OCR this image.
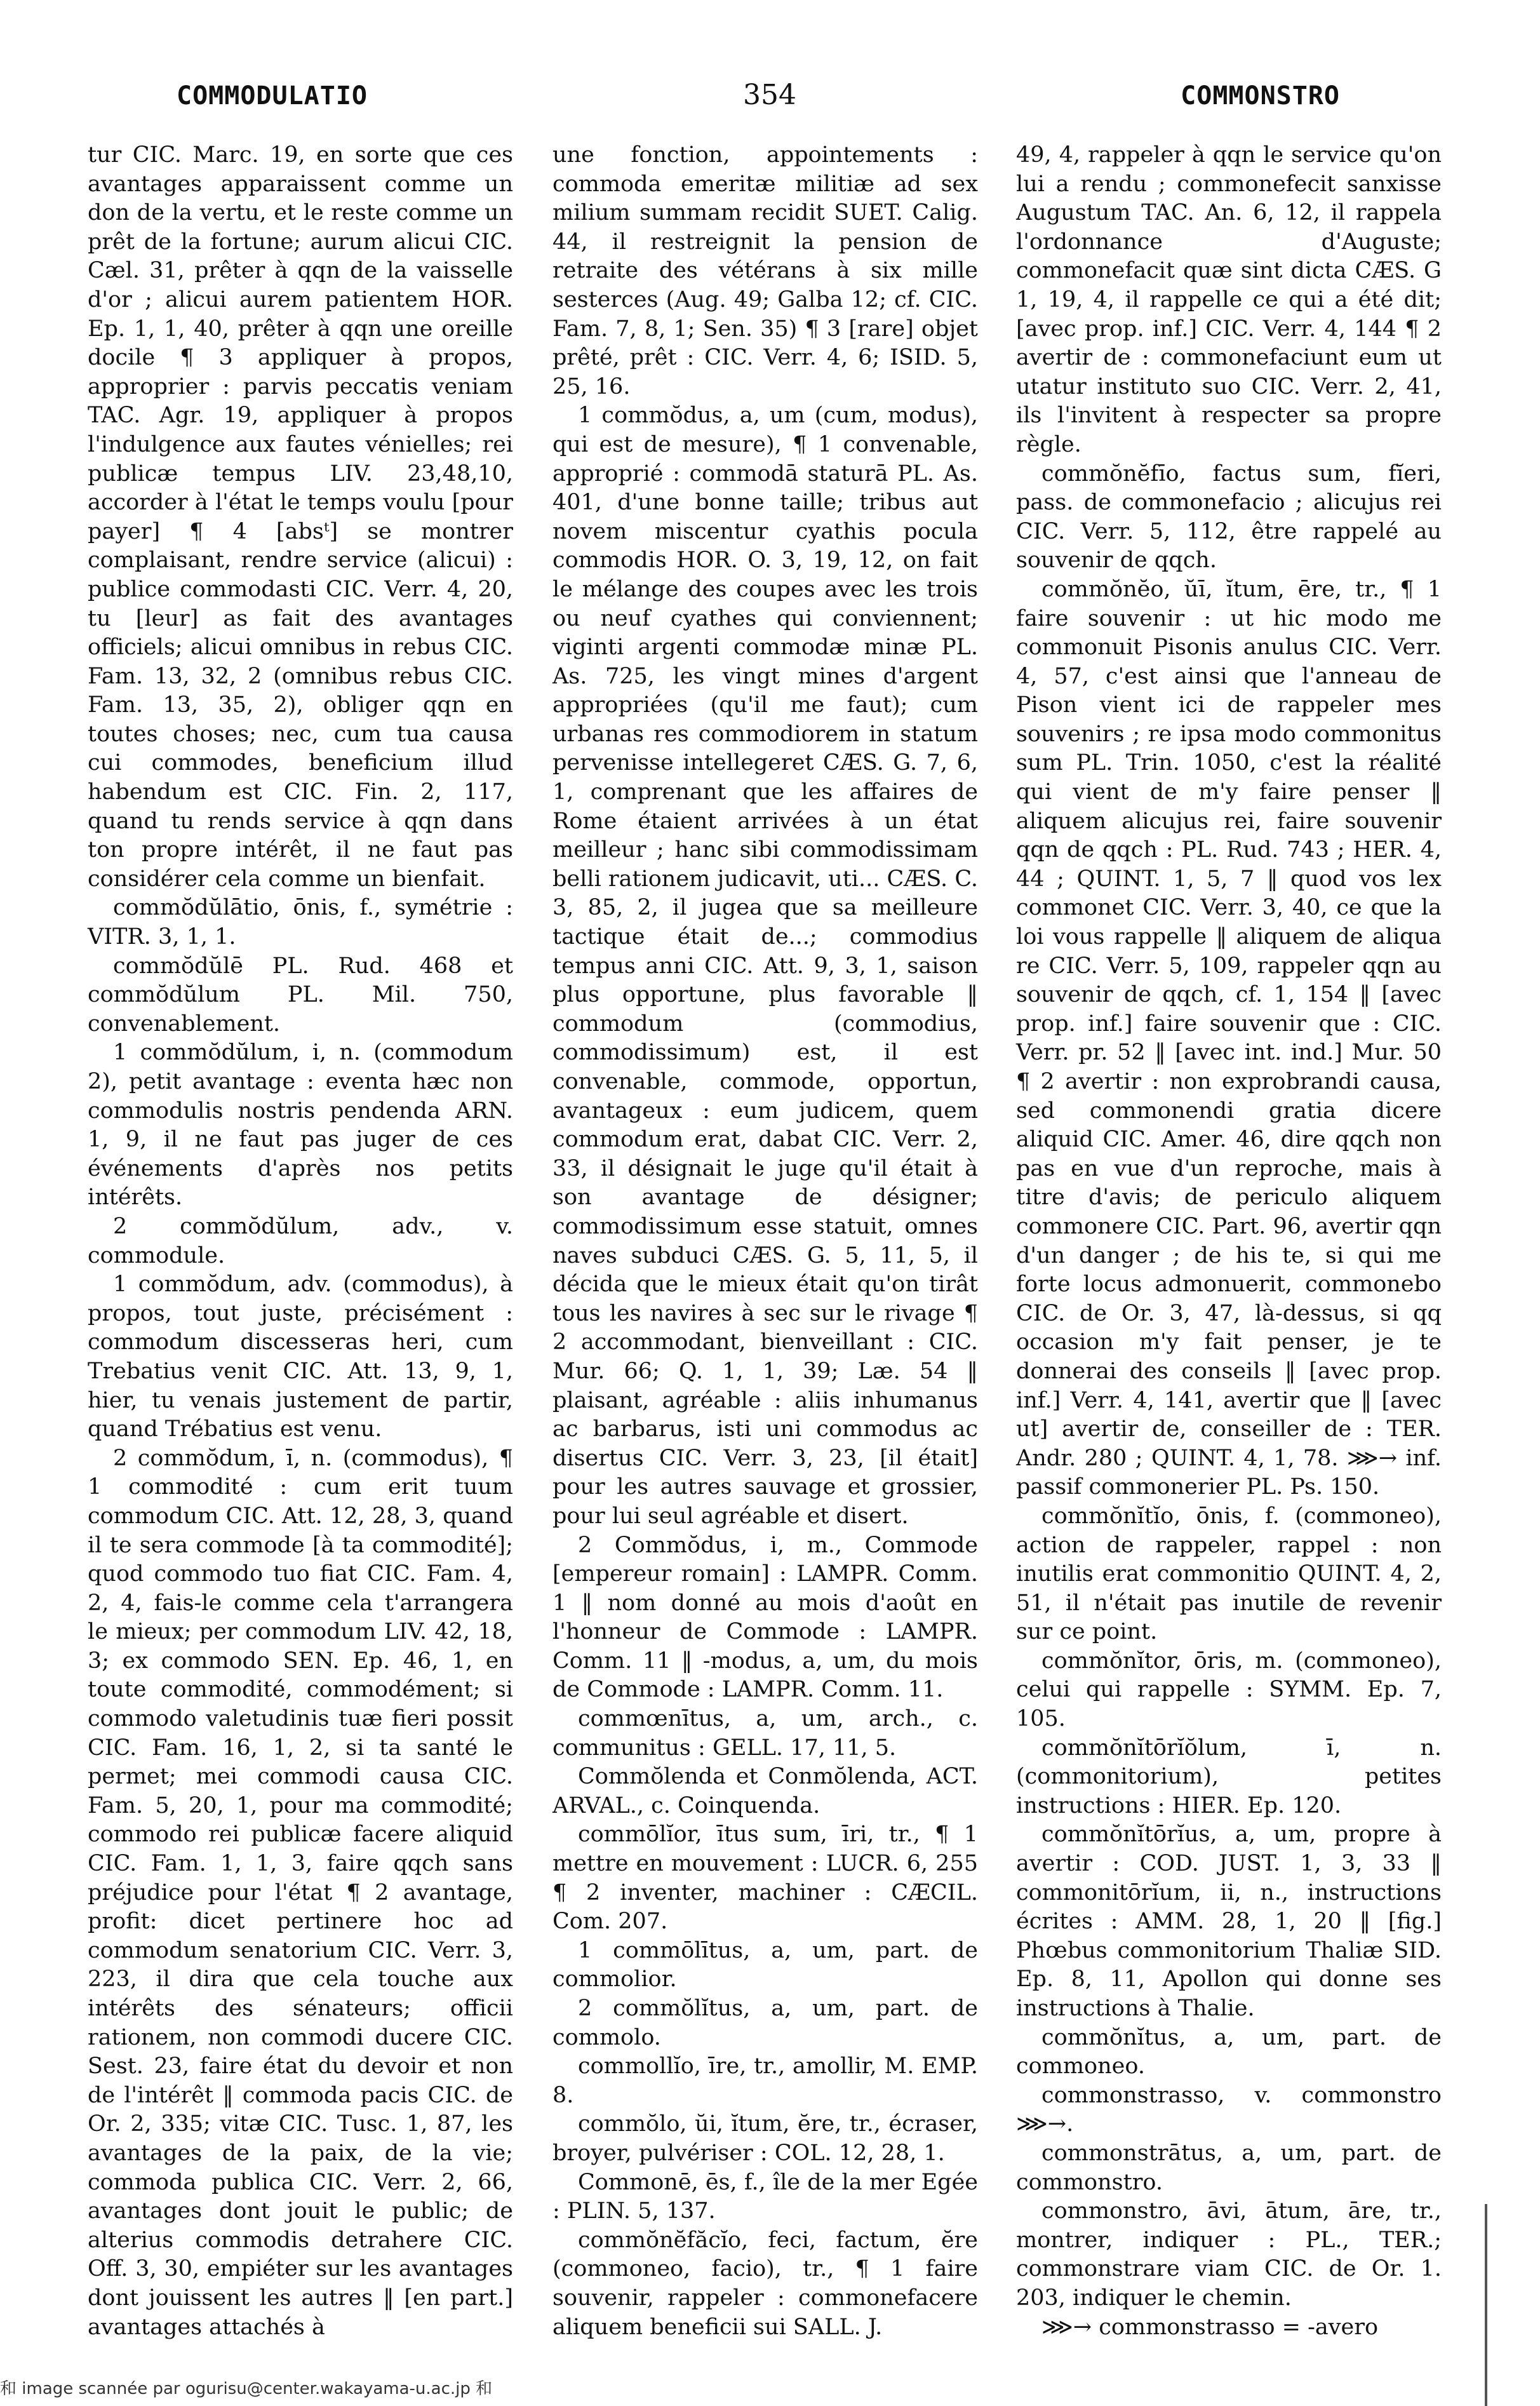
COMMODULATIO	354	COMMONSTRO

tur CIC. Marc. 19, en sorte que ces avantages apparaissent comme un don de la vertu, et le reste comme un prêt de la fortune; aurum alicui CIC. Cæl. 31, prêter à qqn de la vaisselle d'or ; alicui aurem patientem HOR. Ep. 1, 1, 40, prêter à qqn une oreille docile ¶ 3 appliquer à propos, approprier : parvis peccatis veniam TAC. Agr. 19, appliquer à propos l'indulgence aux fautes vénielles; rei publicæ tempus LIV. 23,48,10, accorder à l'état le temps voulu [pour payer] ¶ 4 [absᵗ] se montrer complaisant, rendre service (alicui) : publice commodasti CIC. Verr. 4, 20, tu [leur] as fait des avantages officiels; alicui omnibus in rebus CIC. Fam. 13, 32, 2 (omnibus rebus CIC. Fam. 13, 35, 2), obliger qqn en toutes choses; nec, cum tua causa cui commodes, beneficium illud habendum est CIC. Fin. 2, 117, quand tu rends service à qqn dans ton propre intérêt, il ne faut pas considérer cela comme un bienfait.

commŏdŭlātio, ōnis, f., symétrie : VITR. 3, 1, 1.

commŏdŭlē PL. Rud. 468 et commŏdŭlum PL. Mil. 750, convenablement.

1 commŏdŭlum, i, n. (commodum 2), petit avantage : eventa hæc non commodulis nostris pendenda ARN. 1, 9, il ne faut pas juger de ces événements d'après nos petits intérêts.

2 commŏdŭlum, adv., v. commodule.

1 commŏdum, adv. (commodus), à propos, tout juste, précisément : commodum discesseras heri, cum Trebatius venit CIC. Att. 13, 9, 1, hier, tu venais justement de partir, quand Trébatius est venu.

2 commŏdum, ī, n. (commodus), ¶ 1 commodité : cum erit tuum commodum CIC. Att. 12, 28, 3, quand il te sera commode [à ta commodité]; quod commodo tuo fiat CIC. Fam. 4, 2, 4, fais-le comme cela t'arrangera le mieux; per commodum LIV. 42, 18, 3; ex commodo SEN. Ep. 46, 1, en toute commodité, commodément; si commodo valetudinis tuæ fieri possit CIC. Fam. 16, 1, 2, si ta santé le permet; mei commodi causa CIC. Fam. 5, 20, 1, pour ma commodité; commodo rei publicæ facere aliquid CIC. Fam. 1, 1, 3, faire qqch sans préjudice pour l'état ¶ 2 avantage, profit: dicet pertinere hoc ad commodum senatorium CIC. Verr. 3, 223, il dira que cela touche aux intérêts des sénateurs; officii rationem, non commodi ducere CIC. Sest. 23, faire état du devoir et non de l'intérêt ‖ commoda pacis CIC. de Or. 2, 335; vitæ CIC. Tusc. 1, 87, les avantages de la paix, de la vie; commoda publica CIC. Verr. 2, 66, avantages dont jouit le public; de alterius commodis detrahere CIC. Off. 3, 30, empiéter sur les avantages dont jouissent les autres ‖ [en part.] avantages attachés à

une fonction, appointements : commoda emeritæ militiæ ad sex milium summam recidit SUET. Calig. 44, il restreignit la pension de retraite des vétérans à six mille sesterces (Aug. 49; Galba 12; cf. CIC. Fam. 7, 8, 1; Sen. 35) ¶ 3 [rare] objet prêté, prêt : CIC. Verr. 4, 6; ISID. 5, 25, 16.

1 commŏdus, a, um (cum, modus), qui est de mesure), ¶ 1 convenable, approprié : commodā staturā PL. As. 401, d'une bonne taille; tribus aut novem miscentur cyathis pocula commodis HOR. O. 3, 19, 12, on fait le mélange des coupes avec les trois ou neuf cyathes qui conviennent; viginti argenti commodæ minæ PL. As. 725, les vingt mines d'argent appropriées (qu'il me faut); cum urbanas res commodiorem in statum pervenisse intellegeret CÆS. G. 7, 6, 1, comprenant que les affaires de Rome étaient arrivées à un état meilleur ; hanc sibi commodissimam belli rationem judicavit, uti... CÆS. C. 3, 85, 2, il jugea que sa meilleure tactique était de...; commodius tempus anni CIC. Att. 9, 3, 1, saison plus opportune, plus favorable ‖ commodum (commodius, commodissimum) est, il est convenable, commode, opportun, avantageux : eum judicem, quem commodum erat, dabat CIC. Verr. 2, 33, il désignait le juge qu'il était à son avantage de désigner; commodissimum esse statuit, omnes naves subduci CÆS. G. 5, 11, 5, il décida que le mieux était qu'on tirât tous les navires à sec sur le rivage ¶ 2 accommodant, bienveillant : CIC. Mur. 66; Q. 1, 1, 39; Læ. 54 ‖ plaisant, agréable : aliis inhumanus ac barbarus, isti uni commodus ac disertus CIC. Verr. 3, 23, [il était] pour les autres sauvage et grossier, pour lui seul agréable et disert.

2 Commŏdus, i, m., Commode [empereur romain] : LAMPR. Comm. 1 ‖ nom donné au mois d'août en l'honneur de Commode : LAMPR. Comm. 11 ‖ -modus, a, um, du mois de Commode : LAMPR. Comm. 11.

commœnītus, a, um, arch., c. communitus : GELL. 17, 11, 5.

Commŏlenda et Conmŏlenda, ACT. ARVAL., c. Coinquenda.

commōlĭor, ītus sum, īri, tr., ¶ 1 mettre en mouvement : LUCR. 6, 255 ¶ 2 inventer, machiner : CÆCIL. Com. 207.

1 commōlītus, a, um, part. de commolior.

2 commŏlĭtus, a, um, part. de commolo.

commollĭo, īre, tr., amollir, M. EMP. 8.

commŏlo, ŭi, ĭtum, ĕre, tr., écraser, broyer, pulvériser : COL. 12, 28, 1.

Commonē, ēs, f., île de la mer Egée : PLIN. 5, 137.

commŏnĕfăcĭo, feci, factum, ĕre (commoneo, facio), tr., ¶ 1 faire souvenir, rappeler : commonefacere aliquem beneficii sui SALL. J.

49, 4, rappeler à qqn le service qu'on lui a rendu ; commonefecit sanxisse Augustum TAC. An. 6, 12, il rappela l'ordonnance d'Auguste; commonefacit quæ sint dicta CÆS. G 1, 19, 4, il rappelle ce qui a été dit; [avec prop. inf.] CIC. Verr. 4, 144 ¶ 2 avertir de : commonefaciunt eum ut utatur instituto suo CIC. Verr. 2, 41, ils l'invitent à respecter sa propre règle.

commŏnĕfīo, factus sum, fĭeri, pass. de commonefacio ; alicujus rei CIC. Verr. 5, 112, être rappelé au souvenir de qqch.

commŏnĕo, ŭī, ĭtum, ēre, tr., ¶ 1 faire souvenir : ut hic modo me commonuit Pisonis anulus CIC. Verr. 4, 57, c'est ainsi que l'anneau de Pison vient ici de rappeler mes souvenirs ; re ipsa modo commonitus sum PL. Trin. 1050, c'est la réalité qui vient de m'y faire penser ‖ aliquem alicujus rei, faire souvenir qqn de qqch : PL. Rud. 743 ; HER. 4, 44 ; QUINT. 1, 5, 7 ‖ quod vos lex commonet CIC. Verr. 3, 40, ce que la loi vous rappelle ‖ aliquem de aliqua re CIC. Verr. 5, 109, rappeler qqn au souvenir de qqch, cf. 1, 154 ‖ [avec prop. inf.] faire souvenir que : CIC. Verr. pr. 52 ‖ [avec int. ind.] Mur. 50 ¶ 2 avertir : non exprobrandi causa, sed commonendi gratia dicere aliquid CIC. Amer. 46, dire qqch non pas en vue d'un reproche, mais à titre d'avis; de periculo aliquem commonere CIC. Part. 96, avertir qqn d'un danger ; de his te, si qui me forte locus admonuerit, commonebo CIC. de Or. 3, 47, là-dessus, si qq occasion m'y fait penser, je te donnerai des conseils ‖ [avec prop. inf.] Verr. 4, 141, avertir que ‖ [avec ut] avertir de, conseiller de : TER. Andr. 280 ; QUINT. 4, 1, 78. ⋙→ inf. passif commonerier PL. Ps. 150.

commŏnĭtĭo, ōnis, f. (commoneo), action de rappeler, rappel : non inutilis erat commonitio QUINT. 4, 2, 51, il n'était pas inutile de revenir sur ce point.

commŏnĭtor, ōris, m. (commoneo), celui qui rappelle : SYMM. Ep. 7, 105.

commŏnĭtōrĭŏlum, ī, n. (commonitorium), petites instructions : HIER. Ep. 120.

commŏnĭtōrĭus, a, um, propre à avertir : COD. JUST. 1, 3, 33 ‖ commonitōrĭum, ii, n., instructions écrites : AMM. 28, 1, 20 ‖ [fig.] Phœbus commonitorium Thaliæ SID. Ep. 8, 11, Apollon qui donne ses instructions à Thalie.

commŏnĭtus, a, um, part. de commoneo.

commonstrasso, v. commonstro ⋙→.

commonstrātus, a, um, part. de commonstro.

commonstro, āvi, ātum, āre, tr., montrer, indiquer : PL., TER.; commonstrare viam CIC. de Or. 1. 203, indiquer le chemin.

⋙→ commonstrasso = -avero

和 image scannée par ogurisu@center.wakayama-u.ac.jp 和
